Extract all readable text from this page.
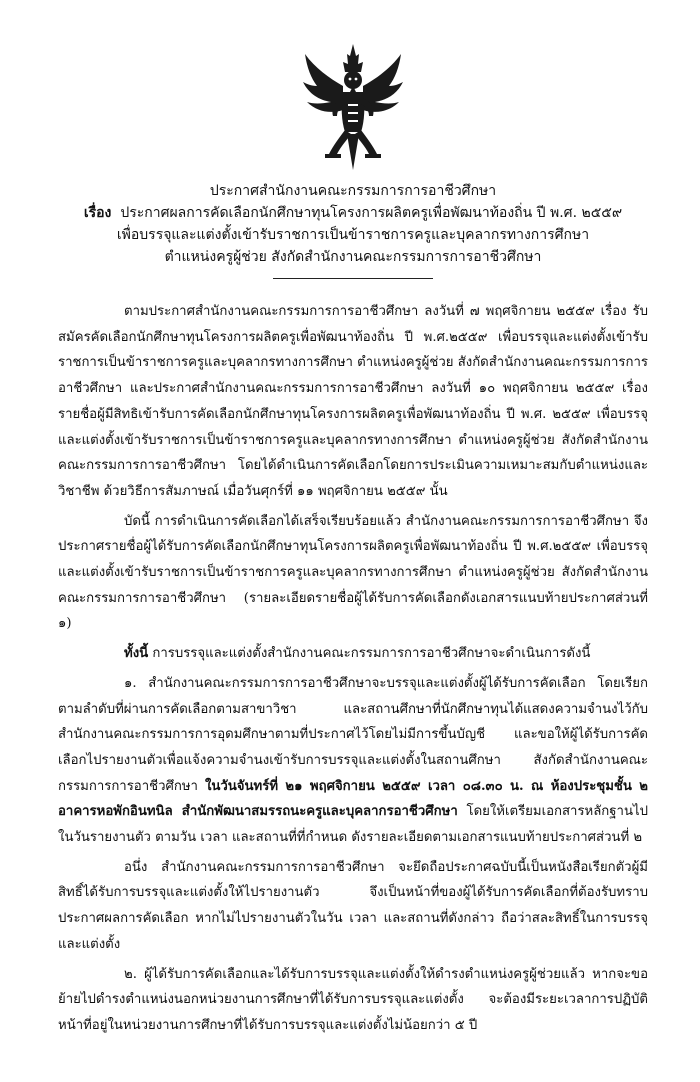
ประกาศสำนักงานคณะกรรมการการอาชีวศึกษา
เรื่อง ประกาศผลการคัดเลือกนักศึกษาทุนโครงการผลิตครูเพื่อพัฒนาท้องถิ่น ปี พ.ศ. ๒๕๕๙
เพื่อบรรจุและแต่งตั้งเข้ารับราชการเป็นข้าราชการครูและบุคลากรทางการศึกษา
ตำแหน่งครูผู้ช่วย สังกัดสำนักงานคณะกรรมการการอาชีวศึกษา

ตามประกาศสำนักงานคณะกรรมการการอาชีวศึกษา ลงวันที่ ๗ พฤศจิกายน ๒๕๕๙ เรื่อง รับสมัครคัดเลือกนักศึกษาทุนโครงการผลิตครูเพื่อพัฒนาท้องถิ่น ปี พ.ศ.๒๕๕๙ เพื่อบรรจุและแต่งตั้งเข้ารับราชการเป็นข้าราชการครูและบุคลากรทางการศึกษา ตำแหน่งครูผู้ช่วย สังกัดสำนักงานคณะกรรมการการอาชีวศึกษา และประกาศสำนักงานคณะกรรมการการอาชีวศึกษา ลงวันที่ ๑๐ พฤศจิกายน ๒๕๕๙ เรื่อง รายชื่อผู้มีสิทธิเข้ารับการคัดเลือกนักศึกษาทุนโครงการผลิตครูเพื่อพัฒนาท้องถิ่น ปี พ.ศ. ๒๕๕๙ เพื่อบรรจุและแต่งตั้งเข้ารับราชการเป็นข้าราชการครูและบุคลากรทางการศึกษา ตำแหน่งครูผู้ช่วย สังกัดสำนักงานคณะกรรมการการอาชีวศึกษา โดยได้ดำเนินการคัดเลือกโดยการประเมินความเหมาะสมกับตำแหน่งและวิชาชีพ ด้วยวิธีการสัมภาษณ์ เมื่อวันศุกร์ที่ ๑๑ พฤศจิกายน ๒๕๕๙ นั้น

บัดนี้ การดำเนินการคัดเลือกได้เสร็จเรียบร้อยแล้ว สำนักงานคณะกรรมการการอาชีวศึกษา จึงประกาศรายชื่อผู้ได้รับการคัดเลือกนักศึกษาทุนโครงการผลิตครูเพื่อพัฒนาท้องถิ่น ปี พ.ศ.๒๕๕๙ เพื่อบรรจุและแต่งตั้งเข้ารับราชการเป็นข้าราชการครูและบุคลากรทางการศึกษา ตำแหน่งครูผู้ช่วย สังกัดสำนักงานคณะกรรมการการอาชีวศึกษา (รายละเอียดรายชื่อผู้ได้รับการคัดเลือกดังเอกสารแนบท้ายประกาศส่วนที่ ๑)

ทั้งนี้ การบรรจุและแต่งตั้งสำนักงานคณะกรรมการการอาชีวศึกษาจะดำเนินการดังนี้

๑. สำนักงานคณะกรรมการการอาชีวศึกษาจะบรรจุและแต่งตั้งผู้ได้รับการคัดเลือก โดยเรียกตามลำดับที่ผ่านการคัดเลือกตามสาขาวิชา และสถานศึกษาที่นักศึกษาทุนได้แสดงความจำนงไว้กับสำนักงานคณะกรรมการการอุดมศึกษาตามที่ประกาศไว้โดยไม่มีการขึ้นบัญชี และขอให้ผู้ได้รับการคัดเลือกไปรายงานตัวเพื่อแจ้งความจำนงเข้ารับการบรรจุและแต่งตั้งในสถานศึกษา สังกัดสำนักงานคณะกรรมการการอาชีวศึกษา ในวันจันทร์ที่ ๒๑ พฤศจิกายน ๒๕๕๙ เวลา ๐๘.๓๐ น. ณ ห้องประชุมชั้น ๒ อาคารหอพักอินทนิล สำนักพัฒนาสมรรถนะครูและบุคลากรอาชีวศึกษา โดยให้เตรียมเอกสารหลักฐานไปในวันรายงานตัว ตามวัน เวลา และสถานที่ที่กำหนด ดังรายละเอียดตามเอกสารแนบท้ายประกาศส่วนที่ ๒

อนึ่ง สำนักงานคณะกรรมการการอาชีวศึกษา จะยึดถือประกาศฉบับนี้เป็นหนังสือเรียกตัวผู้มีสิทธิ์ได้รับการบรรจุและแต่งตั้งให้ไปรายงานตัว จึงเป็นหน้าที่ของผู้ได้รับการคัดเลือกที่ต้องรับทราบประกาศผลการคัดเลือก หากไม่ไปรายงานตัวในวัน เวลา และสถานที่ดังกล่าว ถือว่าสละสิทธิ์ในการบรรจุและแต่งตั้ง

๒. ผู้ได้รับการคัดเลือกและได้รับการบรรจุและแต่งตั้งให้ดำรงตำแหน่งครูผู้ช่วยแล้ว หากจะขอย้ายไปดำรงตำแหน่งนอกหน่วยงานการศึกษาที่ได้รับการบรรจุและแต่งตั้ง จะต้องมีระยะเวลาการปฏิบัติหน้าที่อยู่ในหน่วยงานการศึกษาที่ได้รับการบรรจุและแต่งตั้งไม่น้อยกว่า ๕ ปี
